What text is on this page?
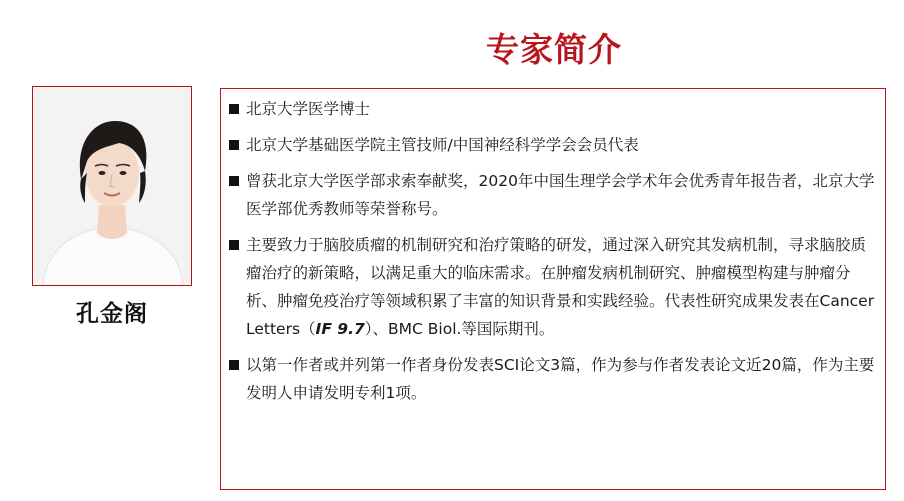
专家简介
孔金阁
北京大学医学博士
北京大学基础医学院主管技师/中国神经科学学会会员代表
曾获北京大学医学部求索奉献奖，2020年中国生理学会学术年会优秀青年报告者，北京大学医学部优秀教师等荣誉称号。
主要致力于脑胶质瘤的机制研究和治疗策略的研发，通过深入研究其发病机制，寻求脑胶质瘤治疗的新策略，以满足重大的临床需求。在肿瘤发病机制研究、肿瘤模型构建与肿瘤分析、肿瘤免疫治疗等领域积累了丰富的知识背景和实践经验。代表性研究成果发表在Cancer Letters（IF 9.7）、BMC Biol.等国际期刊。
以第一作者或并列第一作者身份发表SCI论文3篇，作为参与作者发表论文近20篇，作为主要发明人申请发明专利1项。
